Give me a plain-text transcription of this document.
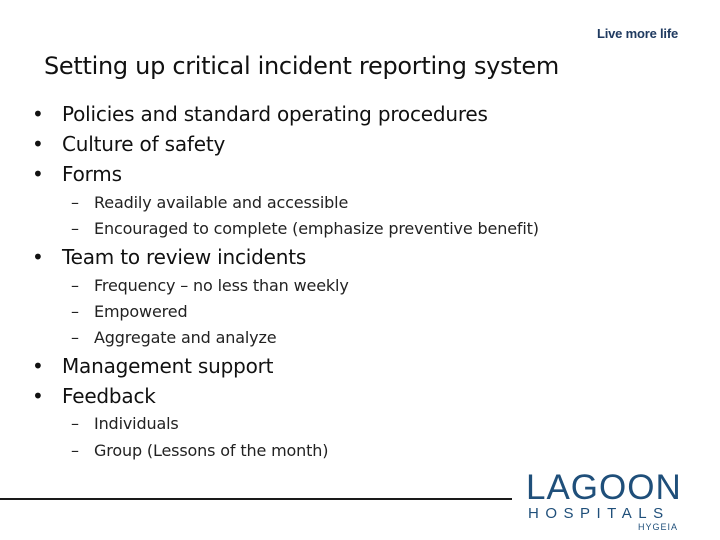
Live more life
Setting up critical incident reporting system
• Policies and standard operating procedures
• Culture of safety
• Forms
– Readily available and accessible
– Encouraged to complete (emphasize preventive benefit)
• Team to review incidents
– Frequency – no less than weekly
– Empowered
– Aggregate and analyze
• Management support
• Feedback
– Individuals
– Group (Lessons of the month)
LAGOON
HOSPITALS
HYGEIA
